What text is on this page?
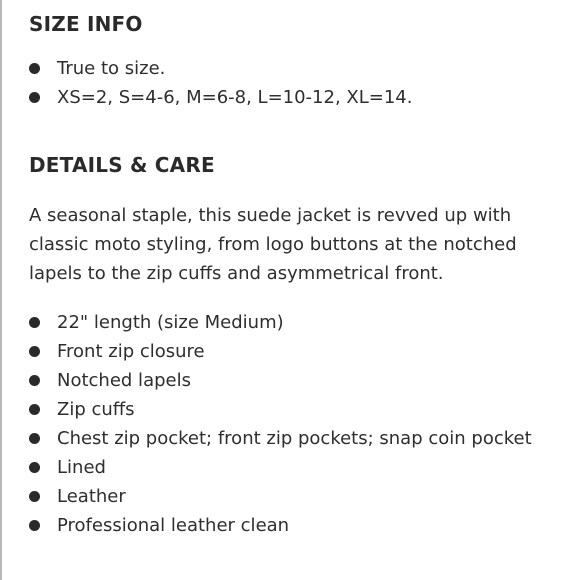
SIZE INFO
True to size.
XS=2, S=4-6, M=6-8, L=10-12, XL=14.
DETAILS & CARE

A seasonal staple, this suede jacket is revved up with classic moto styling, from logo buttons at the notched lapels to the zip cuffs and asymmetrical front.

22" length (size Medium)
Front zip closure
Notched lapels
Zip cuffs
Chest zip pocket; front zip pockets; snap coin pocket
Lined
Leather
Professional leather clean
